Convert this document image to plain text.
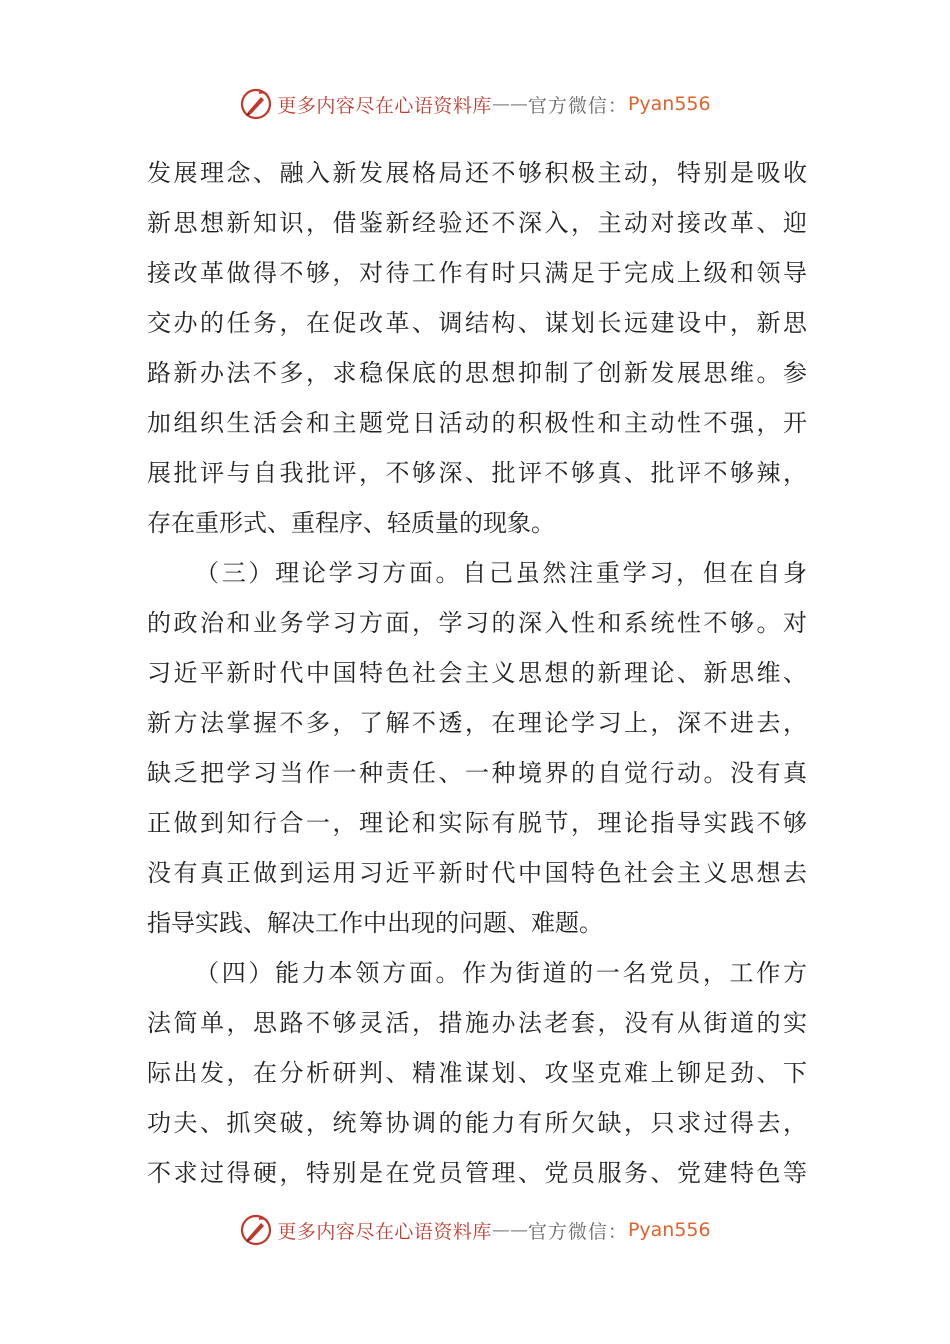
更多内容尽在心语资料库 —— 官方微信： Pyan556
发展理念、融入新发展格局还不够积极主动，特别是吸收
新思想新知识，借鉴新经验还不深入，主动对接改革、迎
接改革做得不够，对待工作有时只满足于完成上级和领导
交办的任务，在促改革、调结构、谋划长远建设中，新思
路新办法不多，求稳保底的思想抑制了创新发展思维。参
加组织生活会和主题党日活动的积极性和主动性不强，开
展批评与自我批评，不够深、批评不够真、批评不够辣，
存在重形式、重程序、轻质量的现象。
（三）理论学习方面。自己虽然注重学习，但在自身
的政治和业务学习方面，学习的深入性和系统性不够。对
习近平新时代中国特色社会主义思想的新理论、新思维、
新方法掌握不多，了解不透，在理论学习上，深不进去，
缺乏把学习当作一种责任、一种境界的自觉行动。没有真
正做到知行合一，理论和实际有脱节，理论指导实践不够
没有真正做到运用习近平新时代中国特色社会主义思想去
指导实践、解决工作中出现的问题、难题。
（四）能力本领方面。作为街道的一名党员，工作方
法简单，思路不够灵活，措施办法老套，没有从街道的实
际出发，在分析研判、精准谋划、攻坚克难上铆足劲、下
功夫、抓突破，统筹协调的能力有所欠缺，只求过得去，
不求过得硬，特别是在党员管理、党员服务、党建特色等
更多内容尽在心语资料库 —— 官方微信： Pyan556
